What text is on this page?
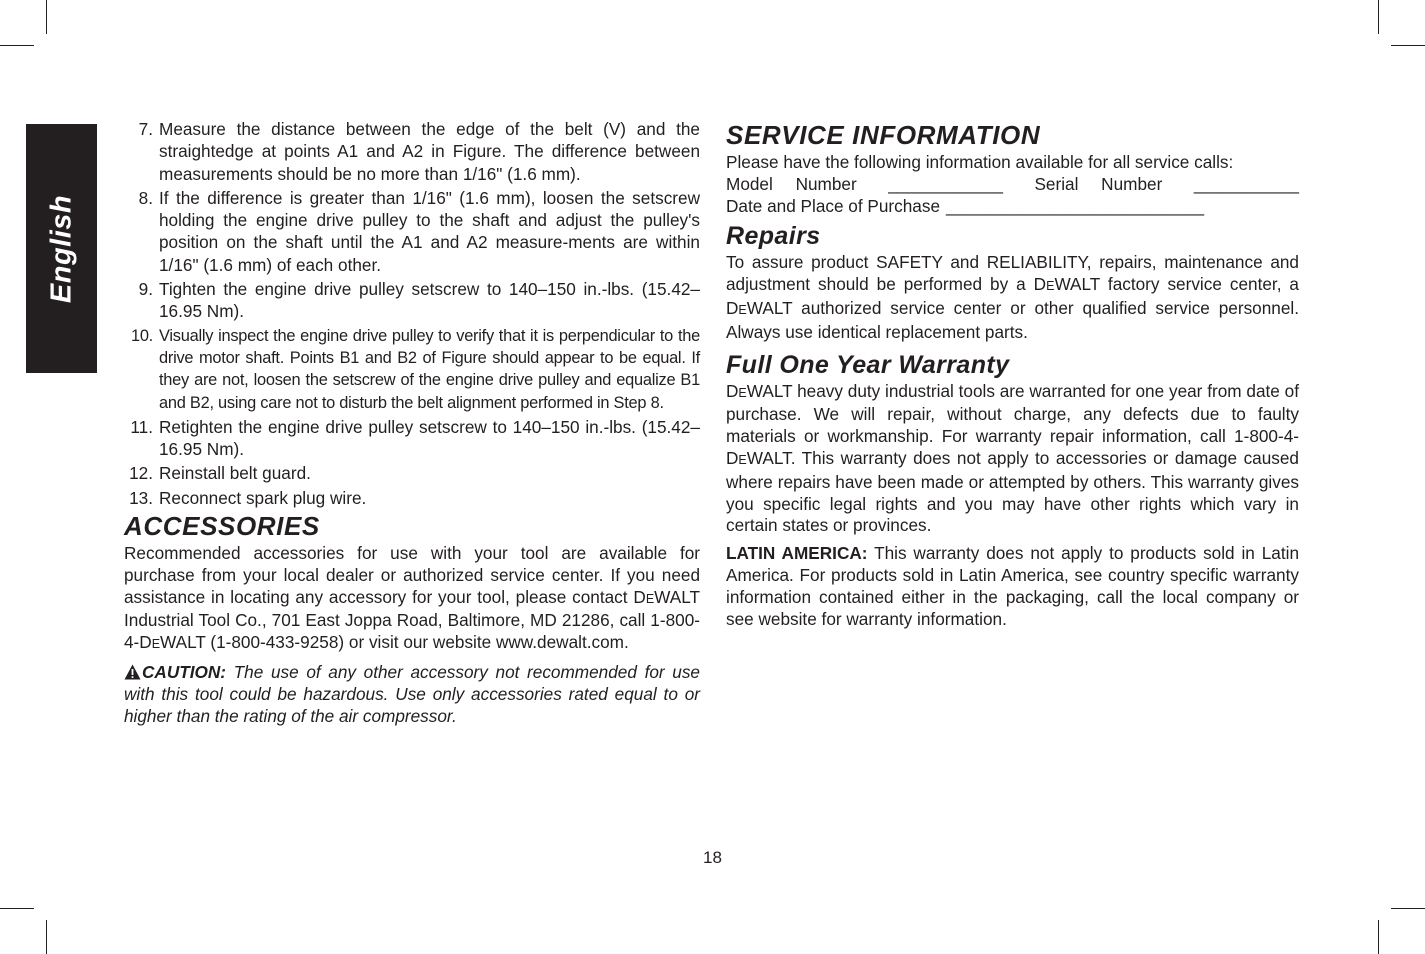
English
7. Measure the distance between the edge of the belt (V) and the straightedge at points A1 and A2 in Figure. The difference between measurements should be no more than 1/16" (1.6 mm).
8. If the difference is greater than 1/16" (1.6 mm), loosen the setscrew holding the engine drive pulley to the shaft and adjust the pulley's position on the shaft until the A1 and A2 measure-ments are within 1/16" (1.6 mm) of each other.
9. Tighten the engine drive pulley setscrew to 140–150 in.-lbs. (15.42–16.95 Nm).
10. Visually inspect the engine drive pulley to verify that it is perpendicular to the drive motor shaft. Points B1 and B2 of Figure should appear to be equal. If they are not, loosen the setscrew of the engine drive pulley and equalize B1 and B2, using care not to disturb the belt alignment performed in Step 8.
11. Retighten the engine drive pulley setscrew to 140–150 in.-lbs. (15.42–16.95 Nm).
12. Reinstall belt guard.
13. Reconnect spark plug wire.
ACCESSORIES

Recommended accessories for use with your tool are available for purchase from your local dealer or authorized service center. If you need assistance in locating any accessory for your tool, please contact DEWALT Industrial Tool Co., 701 East Joppa Road, Baltimore, MD 21286, call 1-800-4-DEWALT (1-800-433-9258) or visit our website www.dewalt.com.

CAUTION: The use of any other accessory not recommended for use with this tool could be hazardous. Use only accessories rated equal to or higher than the rating of the air compressor.

SERVICE INFORMATION

Please have the following information available for all service calls:

Model Number ____________ Serial Number ___________
Date and Place of Purchase ___________________________
Repairs

To assure product SAFETY and RELIABILITY, repairs, maintenance and adjustment should be performed by a DEWALT factory service center, a DEWALT authorized service center or other qualified service personnel. Always use identical replacement parts.

Full One Year Warranty

DEWALT heavy duty industrial tools are warranted for one year from date of purchase. We will repair, without charge, any defects due to faulty materials or workmanship. For warranty repair information, call 1-800-4-DEWALT. This warranty does not apply to accessories or damage caused where repairs have been made or attempted by others. This warranty gives you specific legal rights and you may have other rights which vary in certain states or provinces.

LATIN AMERICA: This warranty does not apply to products sold in Latin America. For products sold in Latin America, see country specific warranty information contained either in the packaging, call the local company or see website for warranty information.

18
